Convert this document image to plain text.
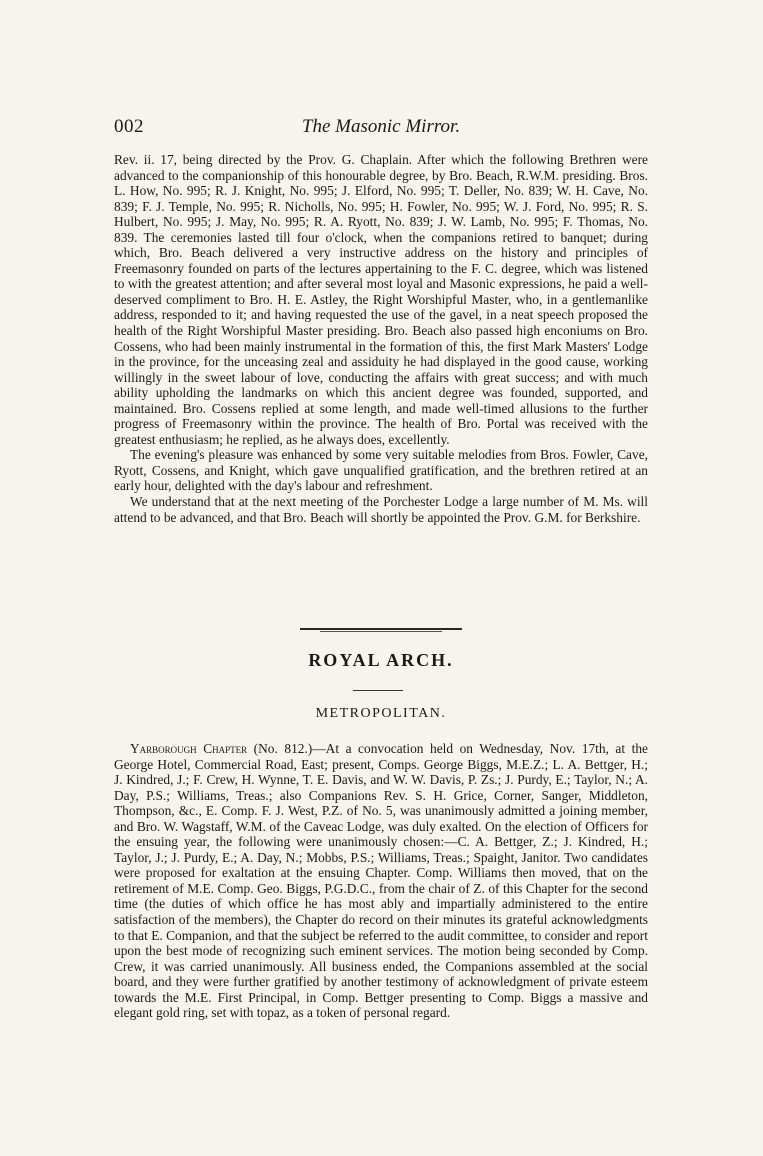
002	The Masonic Mirror.

Rev. ii. 17, being directed by the Prov. G. Chaplain. After which the following Brethren were advanced to the companionship of this honourable degree, by Bro. Beach, R.W.M. presiding. Bros. L. How, No. 995; R. J. Knight, No. 995; J. Elford, No. 995; T. Deller, No. 839; W. H. Cave, No. 839; F. J. Temple, No. 995; R. Nicholls, No. 995; H. Fowler, No. 995; W. J. Ford, No. 995; R. S. Hulbert, No. 995; J. May, No. 995; R. A. Ryott, No. 839; J. W. Lamb, No. 995; F. Thomas, No. 839. The ceremonies lasted till four o'clock, when the companions retired to banquet; during which, Bro. Beach delivered a very instructive address on the history and principles of Freemasonry founded on parts of the lectures appertaining to the F. C. degree, which was listened to with the greatest attention; and after several most loyal and Masonic expressions, he paid a well-deserved compliment to Bro. H. E. Astley, the Right Worshipful Master, who, in a gentlemanlike address, responded to it; and having requested the use of the gavel, in a neat speech proposed the health of the Right Worshipful Master presiding. Bro. Beach also passed high enconiums on Bro. Cossens, who had been mainly instrumental in the formation of this, the first Mark Masters' Lodge in the province, for the unceasing zeal and assiduity he had displayed in the good cause, working willingly in the sweet labour of love, conducting the affairs with great success; and with much ability upholding the landmarks on which this ancient degree was founded, supported, and maintained. Bro. Cossens replied at some length, and made well-timed allusions to the further progress of Freemasonry within the province. The health of Bro. Portal was received with the greatest enthusiasm; he replied, as he always does, excellently.

The evening's pleasure was enhanced by some very suitable melodies from Bros. Fowler, Cave, Ryott, Cossens, and Knight, which gave unqualified gratification, and the brethren retired at an early hour, delighted with the day's labour and refreshment.

We understand that at the next meeting of the Porchester Lodge a large number of M. Ms. will attend to be advanced, and that Bro. Beach will shortly be appointed the Prov. G.M. for Berkshire.

ROYAL ARCH.
METROPOLITAN.

Yarborough Chapter (No. 812.)—At a convocation held on Wednesday, Nov. 17th, at the George Hotel, Commercial Road, East; present, Comps. George Biggs, M.E.Z.; L. A. Bettger, H.; J. Kindred, J.; F. Crew, H. Wynne, T. E. Davis, and W. W. Davis, P. Zs.; J. Purdy, E.; Taylor, N.; A. Day, P.S.; Williams, Treas.; also Companions Rev. S. H. Grice, Corner, Sanger, Middleton, Thompson, &c., E. Comp. F. J. West, P.Z. of No. 5, was unanimously admitted a joining member, and Bro. W. Wagstaff, W.M. of the Caveac Lodge, was duly exalted. On the election of Officers for the ensuing year, the following were unanimously chosen:—C. A. Bettger, Z.; J. Kindred, H.; Taylor, J.; J. Purdy, E.; A. Day, N.; Mobbs, P.S.; Williams, Treas.; Spaight, Janitor. Two candidates were proposed for exaltation at the ensuing Chapter. Comp. Williams then moved, that on the retirement of M.E. Comp. Geo. Biggs, P.G.D.C., from the chair of Z. of this Chapter for the second time (the duties of which office he has most ably and impartially administered to the entire satisfaction of the members), the Chapter do record on their minutes its grateful acknowledgments to that E. Companion, and that the subject be referred to the audit committee, to consider and report upon the best mode of recognizing such eminent services. The motion being seconded by Comp. Crew, it was carried unanimously. All business ended, the Companions assembled at the social board, and they were further gratified by another testimony of acknowledgment of private esteem towards the M.E. First Principal, in Comp. Bettger presenting to Comp. Biggs a massive and elegant gold ring, set with topaz, as a token of personal regard.
